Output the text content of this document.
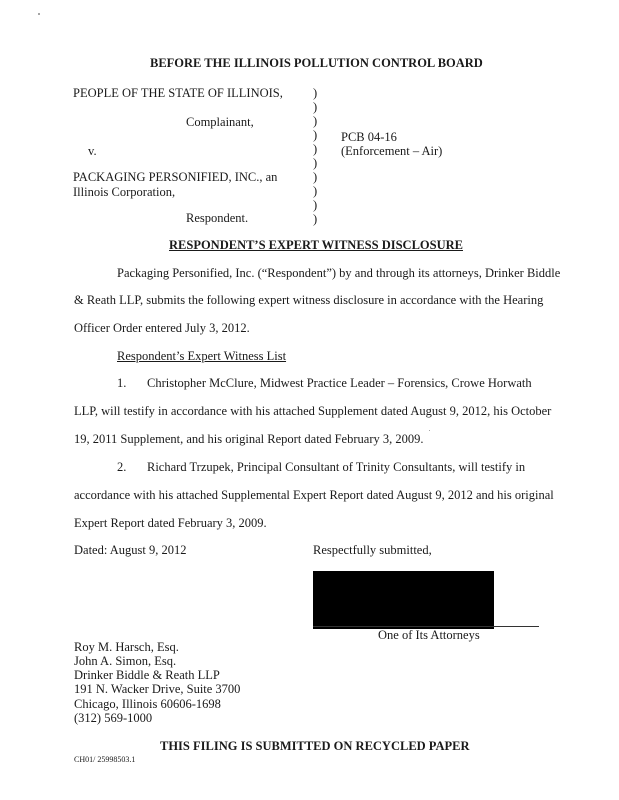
BEFORE THE ILLINOIS POLLUTION CONTROL BOARD
PEOPLE OF THE STATE OF ILLINOIS,
Complainant,
v.
PACKAGING PERSONIFIED, INC., an
Illinois Corporation,
Respondent.
)
)
)
)
)
)
)
)
)
)
PCB 04-16
(Enforcement – Air)
RESPONDENT’S EXPERT WITNESS DISCLOSURE
Packaging Personified, Inc. (“Respondent”) by and through its attorneys, Drinker Biddle
& Reath LLP, submits the following expert witness disclosure in accordance with the Hearing
Officer Order entered July 3, 2012.
Respondent’s Expert Witness List
1. Christopher McClure, Midwest Practice Leader – Forensics, Crowe Horwath
LLP, will testify in accordance with his attached Supplement dated August 9, 2012, his October
19, 2011 Supplement, and his original Report dated February 3, 2009.
2. Richard Trzupek, Principal Consultant of Trinity Consultants, will testify in
accordance with his attached Supplemental Expert Report dated August 9, 2012 and his original
Expert Report dated February 3, 2009.
Dated: August 9, 2012	Respectfully submitted,
One of Its Attorneys
Roy M. Harsch, Esq.
John A. Simon, Esq.
Drinker Biddle & Reath LLP
191 N. Wacker Drive, Suite 3700
Chicago, Illinois 60606-1698
(312) 569-1000
THIS FILING IS SUBMITTED ON RECYCLED PAPER
CH01/ 25998503.1
